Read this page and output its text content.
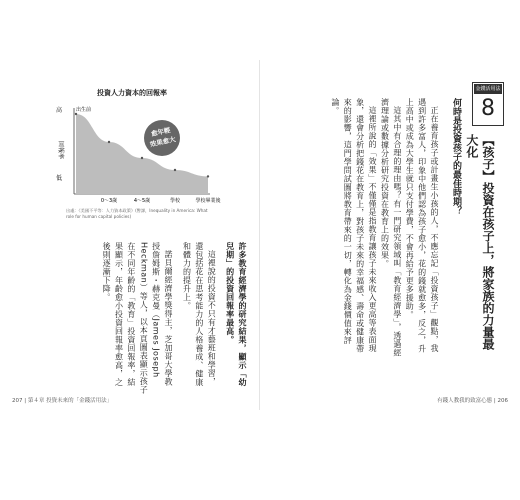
投資人力資本的回報率
高
回報率
低
愈年輕
效果愈大
出生前
0～3歲	4～5歲	學校	學校畢業後
出處：《美國不平等：人力資本政策》(暫譯，Inequality in America: What role for human capital policies)

許多教育經濟學的研究結果，顯示「幼兒期」的投資回報率最高。

這裡說的投資不只有才藝班和學習，還包括花在思考能力的人格養成、健康和體力的提升上。

諾貝爾經濟學獎得主，芝加哥大學教授詹姆斯・赫克曼（James Joseph Heckman）等人，以本頁圖表顯示孩子在不同年齡的「教育」投資回報率，結果顯示，年齡愈小投資回報率愈高，之後則逐漸下降。

207 | 第４章 投資未來的「金錢活用法」
【孩子】投資在孩子上，將家族的力量最
大化
何時是投資孩子的最佳時期？

正在養育孩子或計畫生小孩的人，不應忘記「投資孩子」觀點，我遇到許多富人，印象中他們認為孩子愈小，花的錢就愈多，反之，升上高中或成為大學生就只支付學費，不會再給予更多援助。

這其中有合理的理由嗎？有一門研究領域叫「教育經濟學」，透過經濟理論或數據分析研究投資在教育上的效果。

這裡所說的「效果」不僅僅是指教育讓孩子未來收入更高等表面現象，還會分析把錢花在教育上，對孩子未來的幸福感、壽命或健康帶來的影響，這門學問試圖將教育帶來的一切，轉化為金錢價值來評論。

有錢人教我的致富心態 | 206
金錢活用法
8
